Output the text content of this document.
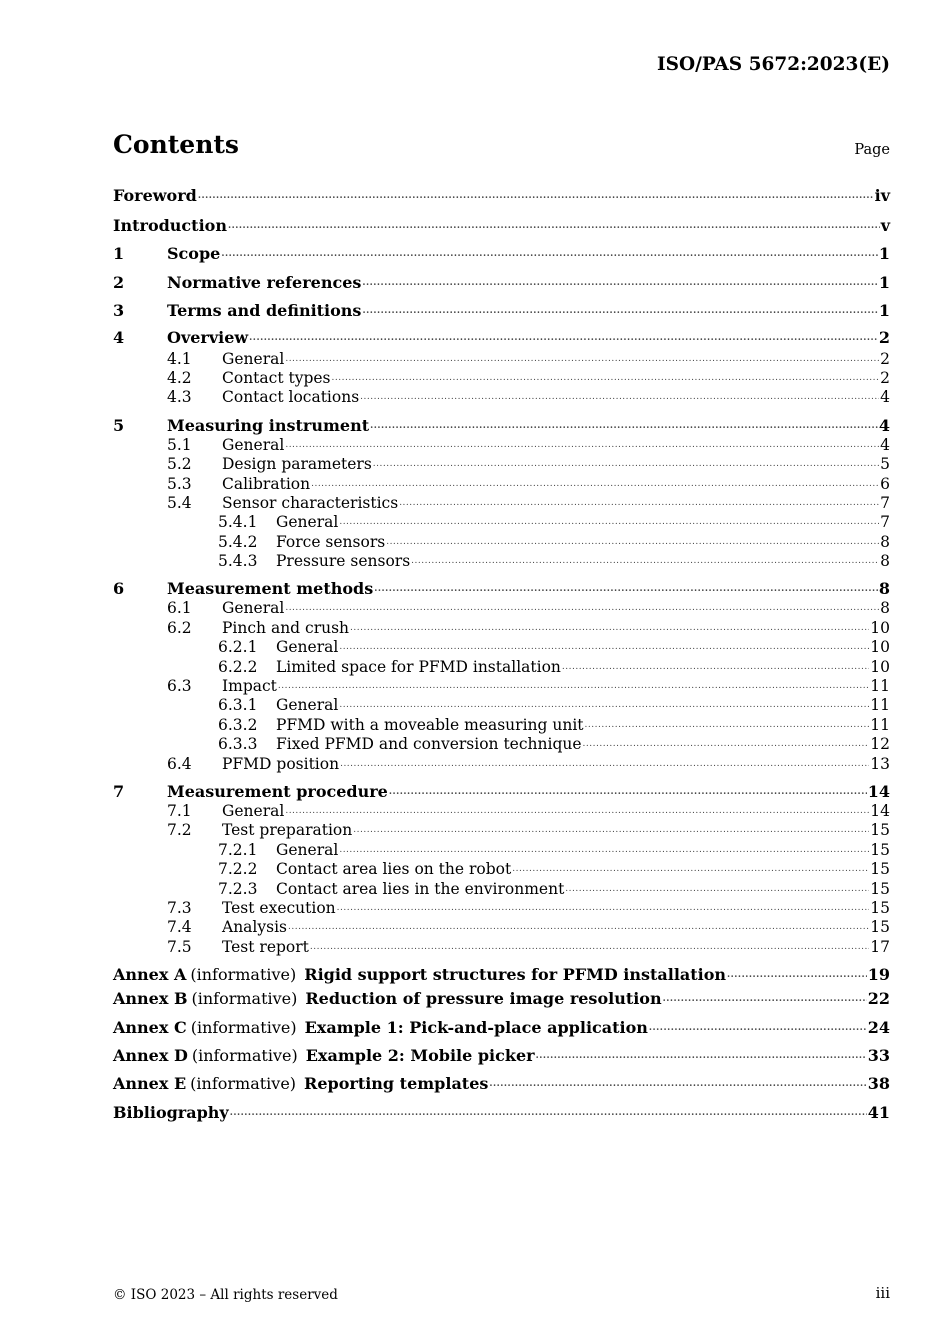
ISO/PAS 5672:2023(E)
Contents	Page
Foreword .....	iv
Introduction .....	v
1	Scope .....	1
2	Normative references .....	1
3	Terms and definitions .....	1
4	Overview .....	2
4.1	General .....	2
4.2	Contact types .....	2
4.3	Contact locations .....	4
5	Measuring instrument .....	4
5.1	General .....	4
5.2	Design parameters .....	5
5.3	Calibration .....	6
5.4	Sensor characteristics .....	7
5.4.1	General .....	7
5.4.2	Force sensors .....	8
5.4.3	Pressure sensors .....	8
6	Measurement methods .....	8
6.1	General .....	8
6.2	Pinch and crush .....	10
6.2.1	General .....	10
6.2.2	Limited space for PFMD installation .....	10
6.3	Impact .....	11
6.3.1	General .....	11
6.3.2	PFMD with a moveable measuring unit .....	11
6.3.3	Fixed PFMD and conversion technique .....	12
6.4	PFMD position .....	13
7	Measurement procedure .....	14
7.1	General .....	14
7.2	Test preparation .....	15
7.2.1	General .....	15
7.2.2	Contact area lies on the robot .....	15
7.2.3	Contact area lies in the environment .....	15
7.3	Test execution .....	15
7.4	Analysis .....	15
7.5	Test report .....	17
Annex A (informative) Rigid support structures for PFMD installation .....	19
Annex B (informative) Reduction of pressure image resolution .....	22
Annex C (informative) Example 1: Pick-and-place application .....	24
Annex D (informative) Example 2: Mobile picker .....	33
Annex E (informative) Reporting templates .....	38
Bibliography .....	41
© ISO 2023 – All rights reserved	iii
